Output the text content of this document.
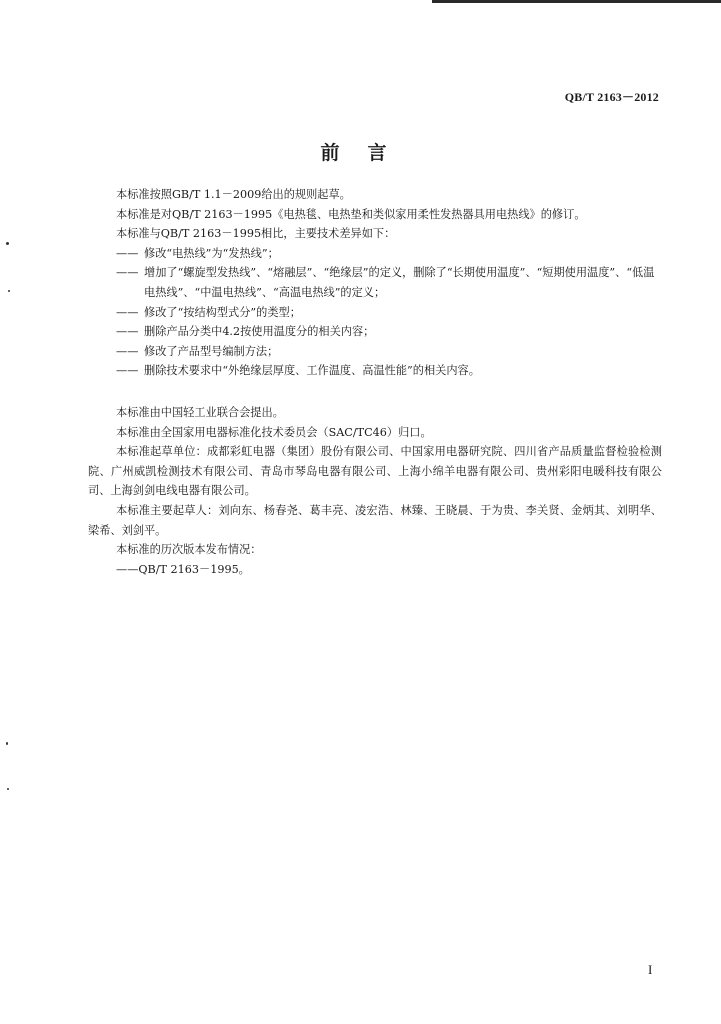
QB/T 2163－2012
前言

本标准按照GB/T 1.1－2009给出的规则起草。

本标准是对QB/T 2163－1995《电热毯、电热垫和类似家用柔性发热器具用电热线》的修订。

本标准与QB/T 2163－1995相比，主要技术差异如下：

—— 修改“电热线”为“发热线”；

—— 增加了“螺旋型发热线”、“熔融层”、“绝缘层”的定义，删除了“长期使用温度”、“短期使用温度”、“低温电热线”、“中温电热线”、“高温电热线”的定义；

—— 修改了“按结构型式分”的类型；

—— 删除产品分类中4.2按使用温度分的相关内容；

—— 修改了产品型号编制方法；

—— 删除技术要求中“外绝缘层厚度、工作温度、高温性能”的相关内容。

本标准由中国轻工业联合会提出。

本标准由全国家用电器标准化技术委员会（SAC/TC46）归口。

本标准起草单位：成都彩虹电器（集团）股份有限公司、中国家用电器研究院、四川省产品质量监督检验检测院、广州威凯检测技术有限公司、青岛市琴岛电器有限公司、上海小绵羊电器有限公司、贵州彩阳电暖科技有限公司、上海剑剑电线电器有限公司。

本标准主要起草人：刘向东、杨春尧、葛丰亮、凌宏浩、林臻、王晓晨、于为贵、李关贤、金炳其、刘明华、梁希、刘剑平。

本标准的历次版本发布情况：

——QB/T 2163－1995。

I
